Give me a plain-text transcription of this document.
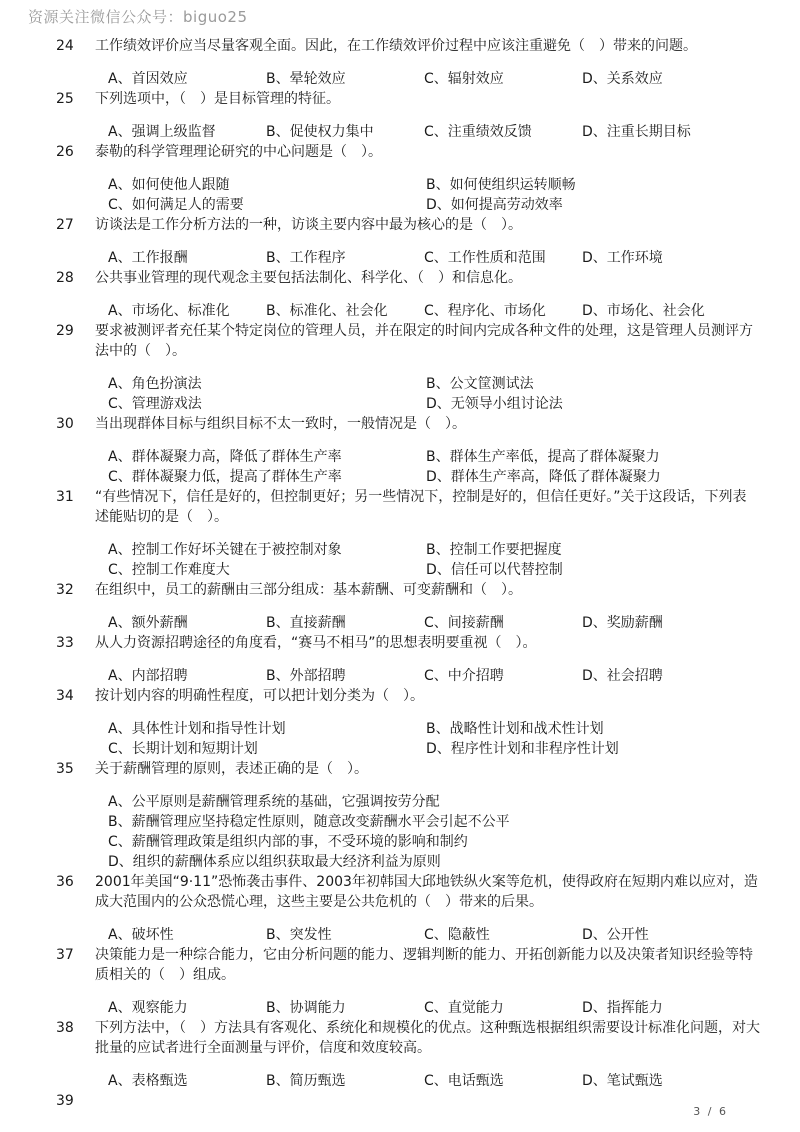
资源关注微信公众号：biguo25
24 工作绩效评价应当尽量客观全面。因此，在工作绩效评价过程中应该注重避免（　）带来的问题。
A、首因效应	B、晕轮效应	C、辐射效应	D、关系效应
25 下列选项中，（　）是目标管理的特征。
A、强调上级监督	B、促使权力集中	C、注重绩效反馈	D、注重长期目标
26 泰勒的科学管理理论研究的中心问题是（　）。
A、如何使他人跟随	B、如何使组织运转顺畅
C、如何满足人的需要	D、如何提高劳动效率
27 访谈法是工作分析方法的一种，访谈主要内容中最为核心的是（　）。
A、工作报酬	B、工作程序	C、工作性质和范围	D、工作环境
28 公共事业管理的现代观念主要包括法制化、科学化、（　）和信息化。
A、市场化、标准化	B、标准化、社会化	C、程序化、市场化	D、市场化、社会化
29 要求被测评者充任某个特定岗位的管理人员，并在限定的时间内完成各种文件的处理，这是管理人员测评方法中的（　）。
A、角色扮演法	B、公文筐测试法
C、管理游戏法	D、无领导小组讨论法
30 当出现群体目标与组织目标不太一致时，一般情况是（　）。
A、群体凝聚力高，降低了群体生产率	B、群体生产率低，提高了群体凝聚力
C、群体凝聚力低，提高了群体生产率	D、群体生产率高，降低了群体凝聚力
31 “有些情况下，信任是好的，但控制更好；另一些情况下，控制是好的，但信任更好。”关于这段话，下列表述能贴切的是（　）。
A、控制工作好坏关键在于被控制对象	B、控制工作要把握度
C、控制工作难度大	D、信任可以代替控制
32 在组织中，员工的薪酬由三部分组成：基本薪酬、可变薪酬和（　）。
A、额外薪酬	B、直接薪酬	C、间接薪酬	D、奖励薪酬
33 从人力资源招聘途径的角度看，“赛马不相马”的思想表明要重视（　）。
A、内部招聘	B、外部招聘	C、中介招聘	D、社会招聘
34 按计划内容的明确性程度，可以把计划分类为（　）。
A、具体性计划和指导性计划	B、战略性计划和战术性计划
C、长期计划和短期计划	D、程序性计划和非程序性计划
35 关于薪酬管理的原则，表述正确的是（　）。
A、公平原则是薪酬管理系统的基础，它强调按劳分配
B、薪酬管理应坚持稳定性原则，随意改变薪酬水平会引起不公平
C、薪酬管理政策是组织内部的事，不受环境的影响和制约
D、组织的薪酬体系应以组织获取最大经济利益为原则
36 2001年美国“9·11”恐怖袭击事件、2003年初韩国大邱地铁纵火案等危机，使得政府在短期内难以应对，造成大范围内的公众恐慌心理，这些主要是公共危机的（　）带来的后果。
A、破坏性	B、突发性	C、隐蔽性	D、公开性
37 决策能力是一种综合能力，它由分析问题的能力、逻辑判断的能力、开拓创新能力以及决策者知识经验等特质相关的（　）组成。
A、观察能力	B、协调能力	C、直觉能力	D、指挥能力
38 下列方法中，（　）方法具有客观化、系统化和规模化的优点。这种甄选根据组织需要设计标准化问题，对大批量的应试者进行全面测量与评价，信度和效度较高。
A、表格甄选	B、简历甄选	C、电话甄选	D、笔试甄选
39
3 / 6
